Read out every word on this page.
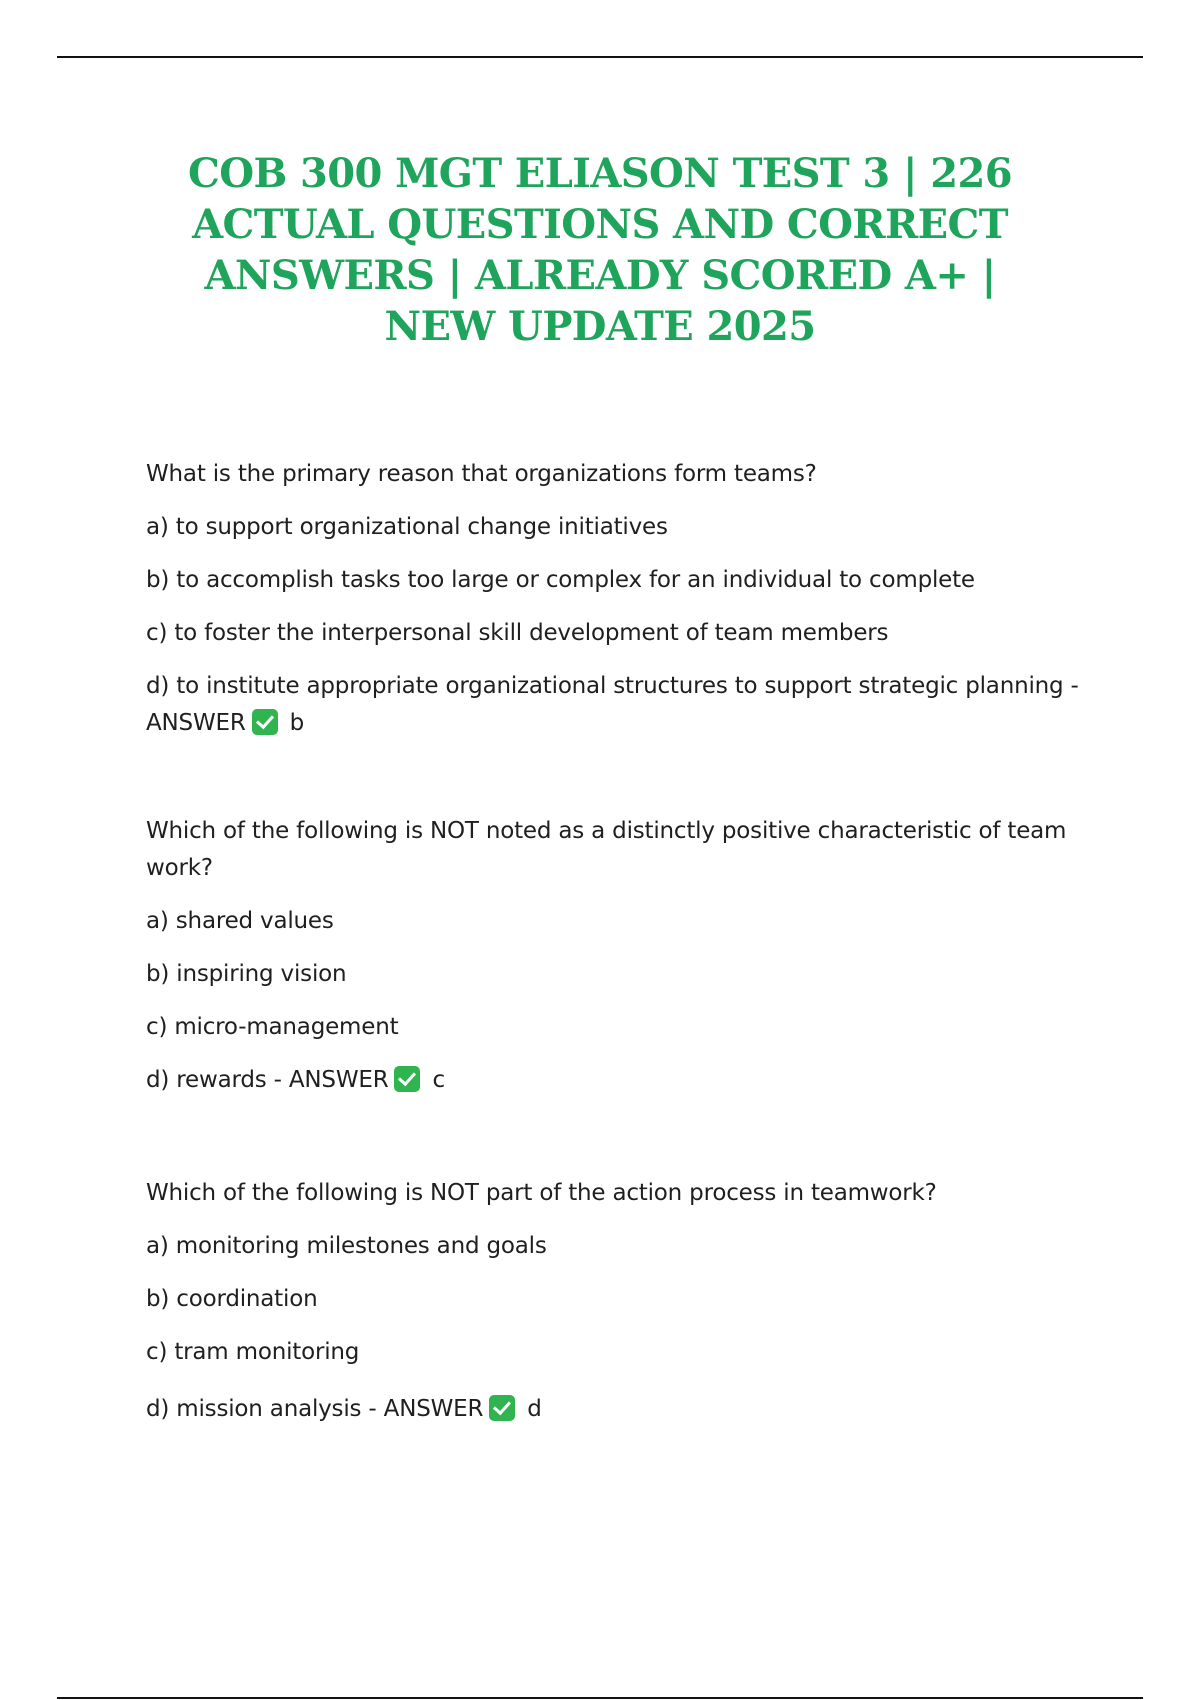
COB 300 MGT ELIASON TEST 3 | 226 ACTUAL QUESTIONS AND CORRECT ANSWERS | ALREADY SCORED A+ | NEW UPDATE 2025

What is the primary reason that organizations form teams?

a) to support organizational change initiatives

b) to accomplish tasks too large or complex for an individual to complete

c) to foster the interpersonal skill development of team members

d) to institute appropriate organizational structures to support strategic planning -
ANSWER b

Which of the following is NOT noted as a distinctly positive characteristic of team work?

a) shared values

b) inspiring vision

c) micro-management

d) rewards - ANSWER c

Which of the following is NOT part of the action process in teamwork?

a) monitoring milestones and goals

b) coordination

c) tram monitoring

d) mission analysis - ANSWER d
